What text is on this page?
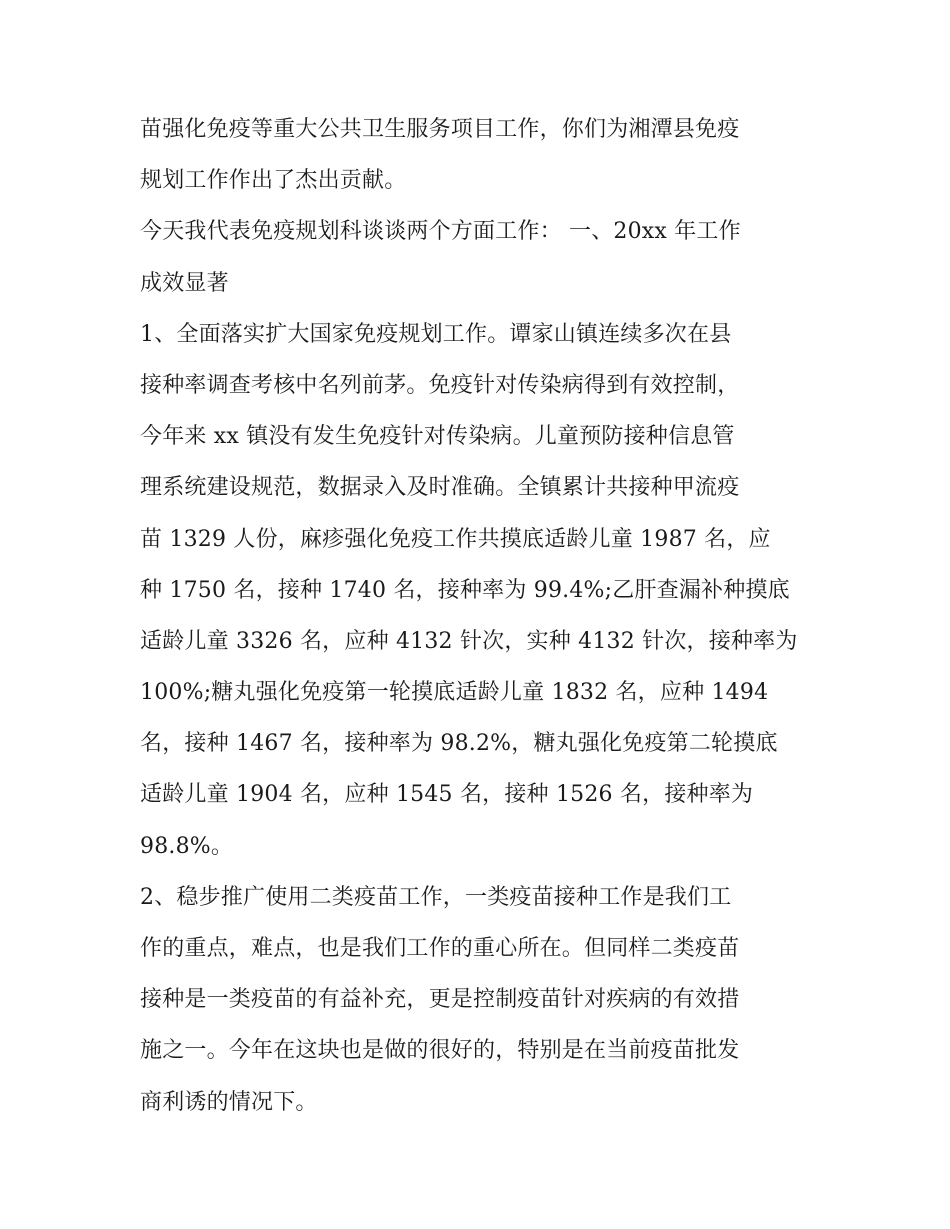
苗强化免疫等重大公共卫生服务项目工作，你们为湘潭县免疫
规划工作作出了杰出贡献。
今天我代表免疫规划科谈谈两个方面工作： 一、20xx 年工作
成效显著
1、全面落实扩大国家免疫规划工作。谭家山镇连续多次在县
接种率调查考核中名列前茅。免疫针对传染病得到有效控制，
今年来 xx 镇没有发生免疫针对传染病。儿童预防接种信息管
理系统建设规范，数据录入及时准确。全镇累计共接种甲流疫
苗 1329 人份，麻疹强化免疫工作共摸底适龄儿童 1987 名，应
种 1750 名，接种 1740 名，接种率为 99.4%;乙肝查漏补种摸底
适龄儿童 3326 名，应种 4132 针次，实种 4132 针次，接种率为
100%;糖丸强化免疫第一轮摸底适龄儿童 1832 名，应种 1494
名，接种 1467 名，接种率为 98.2%，糖丸强化免疫第二轮摸底
适龄儿童 1904 名，应种 1545 名，接种 1526 名，接种率为
98.8%。
2、稳步推广使用二类疫苗工作，一类疫苗接种工作是我们工
作的重点，难点，也是我们工作的重心所在。但同样二类疫苗
接种是一类疫苗的有益补充，更是控制疫苗针对疾病的有效措
施之一。今年在这块也是做的很好的，特别是在当前疫苗批发
商利诱的情况下。
